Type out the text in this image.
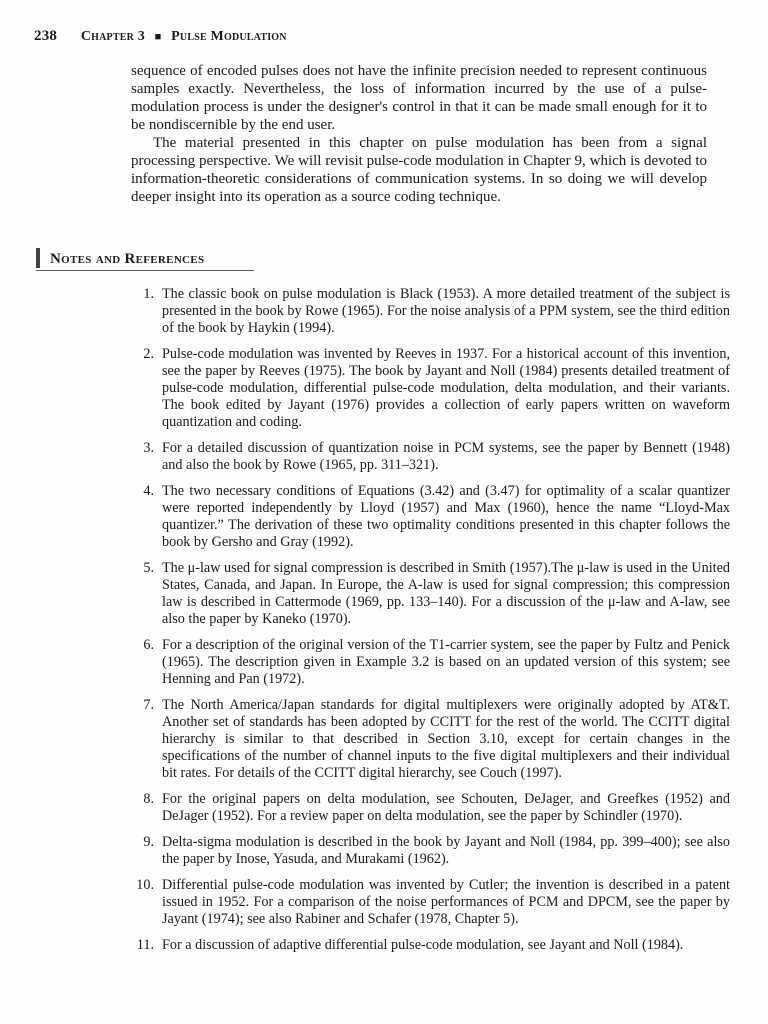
238 Chapter 3 ■ Pulse Modulation

sequence of encoded pulses does not have the infinite precision needed to represent continuous samples exactly. Nevertheless, the loss of information incurred by the use of a pulse-modulation process is under the designer's control in that it can be made small enough for it to be nondiscernible by the end user.

The material presented in this chapter on pulse modulation has been from a signal processing perspective. We will revisit pulse-code modulation in Chapter 9, which is devoted to information-theoretic considerations of communication systems. In so doing we will develop deeper insight into its operation as a source coding technique.

Notes and References
1. The classic book on pulse modulation is Black (1953). A more detailed treatment of the subject is presented in the book by Rowe (1965). For the noise analysis of a PPM system, see the third edition of the book by Haykin (1994).
2. Pulse-code modulation was invented by Reeves in 1937. For a historical account of this invention, see the paper by Reeves (1975). The book by Jayant and Noll (1984) presents detailed treatment of pulse-code modulation, differential pulse-code modulation, delta modulation, and their variants. The book edited by Jayant (1976) provides a collection of early papers written on waveform quantization and coding.
3. For a detailed discussion of quantization noise in PCM systems, see the paper by Bennett (1948) and also the book by Rowe (1965, pp. 311–321).
4. The two necessary conditions of Equations (3.42) and (3.47) for optimality of a scalar quantizer were reported independently by Lloyd (1957) and Max (1960), hence the name “Lloyd-Max quantizer.” The derivation of these two optimality conditions presented in this chapter follows the book by Gersho and Gray (1992).
5. The μ-law used for signal compression is described in Smith (1957).The μ-law is used in the United States, Canada, and Japan. In Europe, the A-law is used for signal compression; this compression law is described in Cattermode (1969, pp. 133–140). For a discussion of the μ-law and A-law, see also the paper by Kaneko (1970).
6. For a description of the original version of the T1-carrier system, see the paper by Fultz and Penick (1965). The description given in Example 3.2 is based on an updated version of this system; see Henning and Pan (1972).
7. The North America/Japan standards for digital multiplexers were originally adopted by AT&T. Another set of standards has been adopted by CCITT for the rest of the world. The CCITT digital hierarchy is similar to that described in Section 3.10, except for certain changes in the specifications of the number of channel inputs to the five digital multiplexers and their individual bit rates. For details of the CCITT digital hierarchy, see Couch (1997).
8. For the original papers on delta modulation, see Schouten, DeJager, and Greefkes (1952) and DeJager (1952). For a review paper on delta modulation, see the paper by Schindler (1970).
9. Delta-sigma modulation is described in the book by Jayant and Noll (1984, pp. 399–400); see also the paper by Inose, Yasuda, and Murakami (1962).
10. Differential pulse-code modulation was invented by Cutler; the invention is described in a patent issued in 1952. For a comparison of the noise performances of PCM and DPCM, see the paper by Jayant (1974); see also Rabiner and Schafer (1978, Chapter 5).
11. For a discussion of adaptive differential pulse-code modulation, see Jayant and Noll (1984).
